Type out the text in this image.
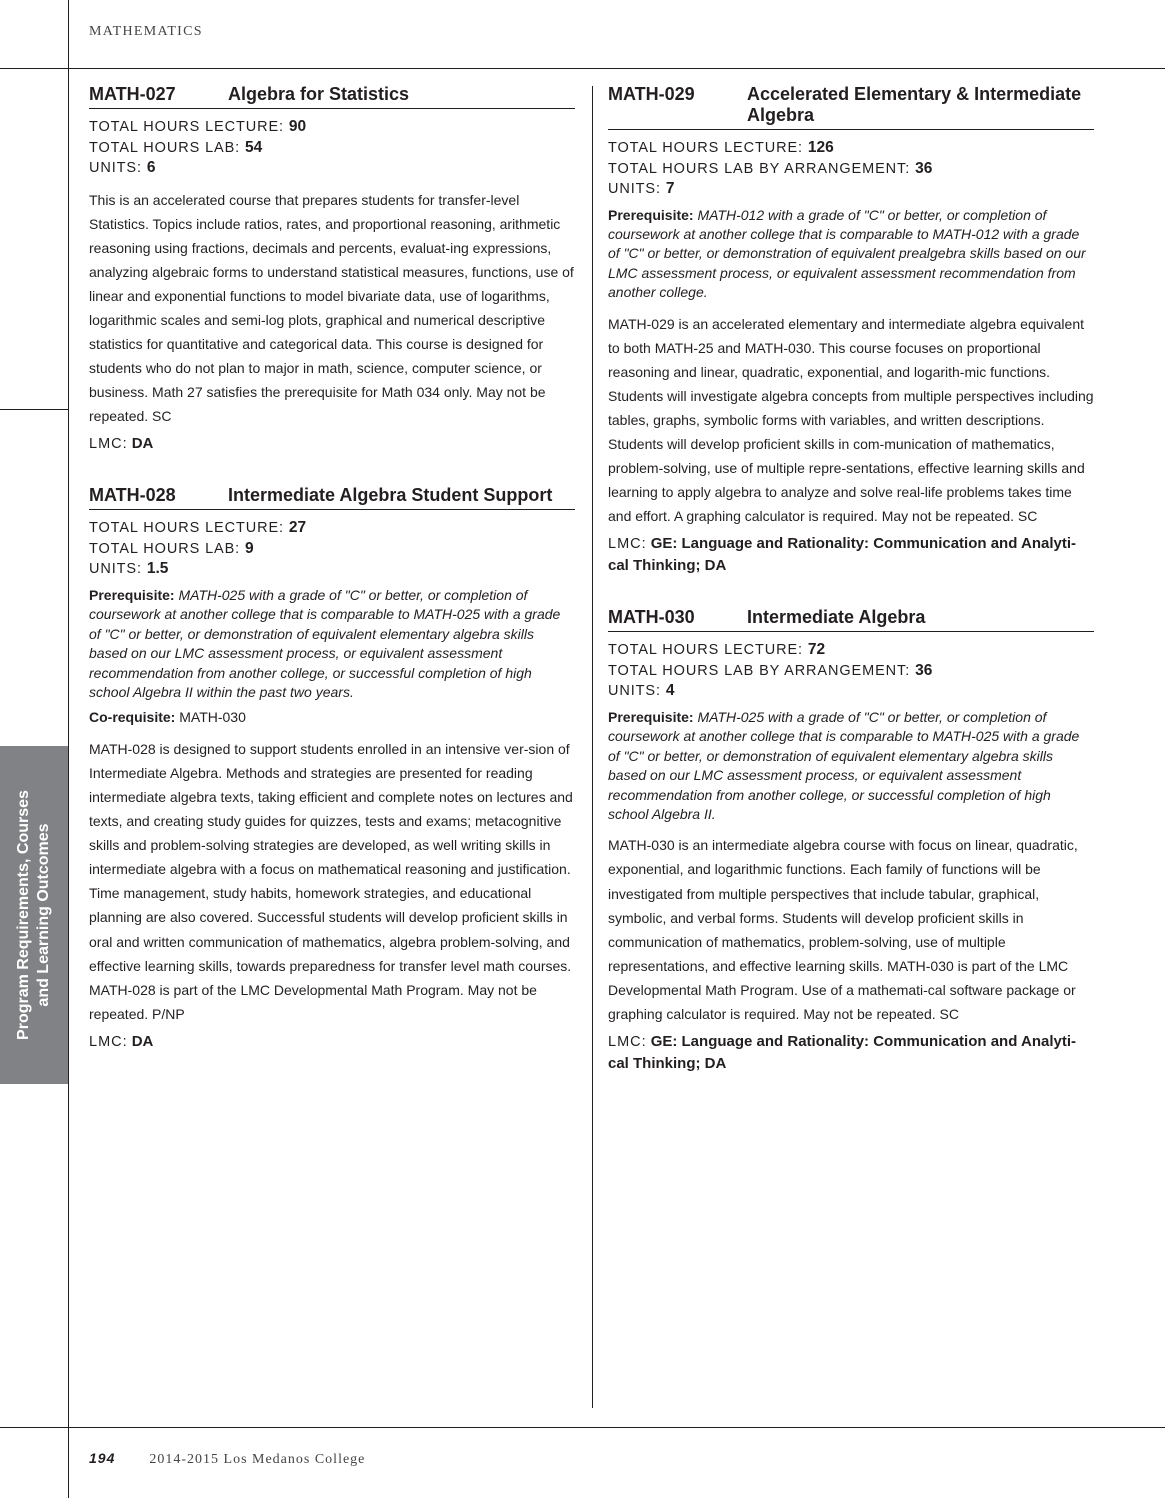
MATHEMATICS
Program Requirements, Courses and Learning Outcomes
MATH-027	Algebra for Statistics
TOTAL HOURS LECTURE: 90
TOTAL HOURS LAB: 54
UNITS: 6
This is an accelerated course that prepares students for transfer-level Statistics. Topics include ratios, rates, and proportional reasoning, arithmetic reasoning using fractions, decimals and percents, evaluat-ing expressions, analyzing algebraic forms to understand statistical measures, functions, use of linear and exponential functions to model bivariate data, use of logarithms, logarithmic scales and semi-log plots, graphical and numerical descriptive statistics for quantitative and categorical data. This course is designed for students who do not plan to major in math, science, computer science, or business. Math 27 satisfies the prerequisite for Math 034 only. May not be repeated. SC
LMC: DA
MATH-028	Intermediate Algebra Student Support
TOTAL HOURS LECTURE: 27
TOTAL HOURS LAB: 9
UNITS: 1.5
Prerequisite: MATH-025 with a grade of "C" or better, or completion of coursework at another college that is comparable to MATH-025 with a grade of "C" or better, or demonstration of equivalent elementary algebra skills based on our LMC assessment process, or equivalent assessment recommendation from another college, or successful completion of high school Algebra II within the past two years.
Co-requisite: MATH-030
MATH-028 is designed to support students enrolled in an intensive ver-sion of Intermediate Algebra. Methods and strategies are presented for reading intermediate algebra texts, taking efficient and complete notes on lectures and texts, and creating study guides for quizzes, tests and exams; metacognitive skills and problem-solving strategies are developed, as well writing skills in intermediate algebra with a focus on mathematical reasoning and justification. Time management, study habits, homework strategies, and educational planning are also covered. Successful students will develop proficient skills in oral and written communication of mathematics, algebra problem-solving, and effective learning skills, towards preparedness for transfer level math courses. MATH-028 is part of the LMC Developmental Math Program. May not be repeated. P/NP
LMC: DA
MATH-029	Accelerated Elementary & Intermediate Algebra
TOTAL HOURS LECTURE: 126
TOTAL HOURS LAB BY ARRANGEMENT: 36
UNITS: 7
Prerequisite: MATH-012 with a grade of "C" or better, or completion of coursework at another college that is comparable to MATH-012 with a grade of "C" or better, or demonstration of equivalent prealgebra skills based on our LMC assessment process, or equivalent assessment recommendation from another college.
MATH-029 is an accelerated elementary and intermediate algebra equivalent to both MATH-25 and MATH-030. This course focuses on proportional reasoning and linear, quadratic, exponential, and logarith-mic functions. Students will investigate algebra concepts from multiple perspectives including tables, graphs, symbolic forms with variables, and written descriptions. Students will develop proficient skills in com-munication of mathematics, problem-solving, use of multiple repre-sentations, effective learning skills and learning to apply algebra to analyze and solve real-life problems takes time and effort. A graphing calculator is required. May not be repeated. SC
LMC: GE: Language and Rationality: Communication and Analyti-cal Thinking; DA
MATH-030	Intermediate Algebra
TOTAL HOURS LECTURE: 72
TOTAL HOURS LAB BY ARRANGEMENT: 36
UNITS: 4
Prerequisite: MATH-025 with a grade of "C" or better, or completion of coursework at another college that is comparable to MATH-025 with a grade of "C" or better, or demonstration of equivalent elementary algebra skills based on our LMC assessment process, or equivalent assessment recommendation from another college, or successful completion of high school Algebra II.
MATH-030 is an intermediate algebra course with focus on linear, quadratic, exponential, and logarithmic functions. Each family of functions will be investigated from multiple perspectives that include tabular, graphical, symbolic, and verbal forms. Students will develop proficient skills in communication of mathematics, problem-solving, use of multiple representations, and effective learning skills. MATH-030 is part of the LMC Developmental Math Program. Use of a mathemati-cal software package or graphing calculator is required. May not be repeated. SC
LMC: GE: Language and Rationality: Communication and Analyti-cal Thinking; DA
194 2014-2015 Los Medanos College
